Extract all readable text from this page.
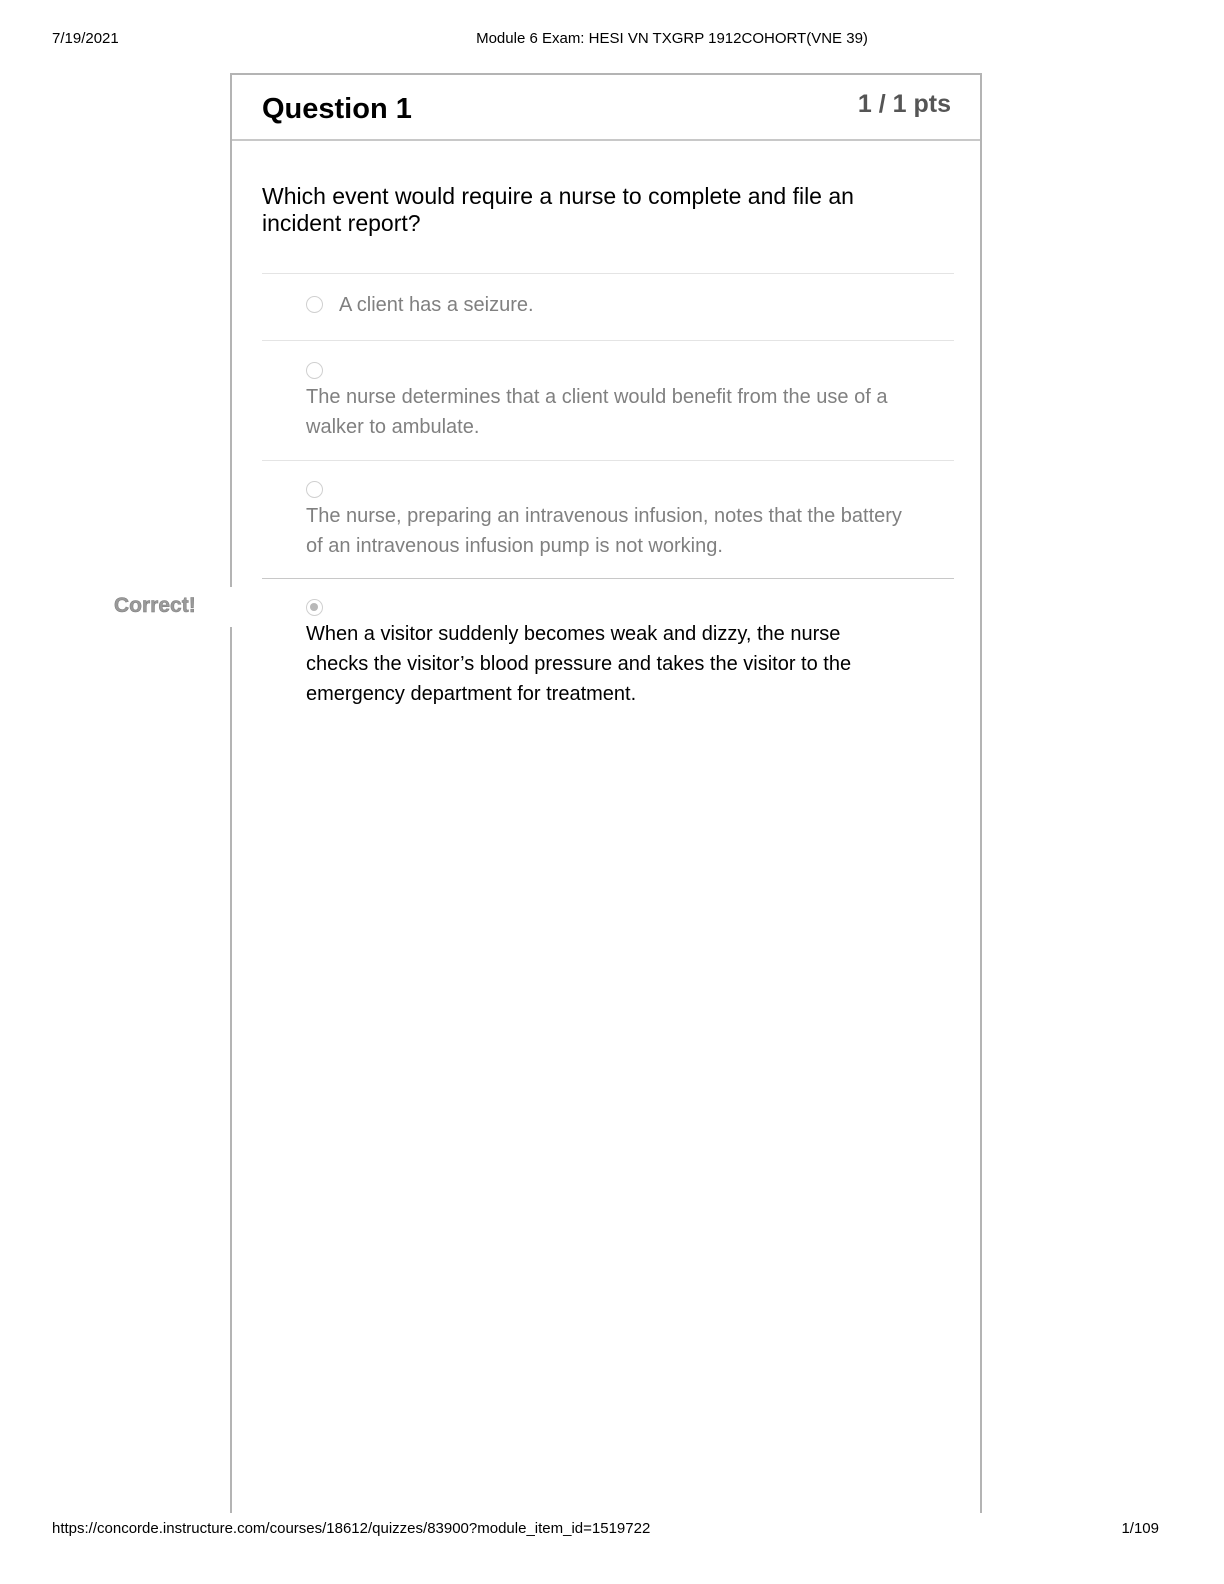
7/19/2021	Module 6 Exam: HESI VN TXGRP 1912COHORT(VNE 39)
Question 1	1 / 1 pts
Which event would require a nurse to complete and file an incident report?
A client has a seizure.
The nurse determines that a client would benefit from the use of a walker to ambulate.
The nurse, preparing an intravenous infusion, notes that the battery of an intravenous infusion pump is not working.
When a visitor suddenly becomes weak and dizzy, the nurse checks the visitor’s blood pressure and takes the visitor to the emergency department for treatment.
Correct!
https://concorde.instructure.com/courses/18612/quizzes/83900?module_item_id=1519722	1/109
